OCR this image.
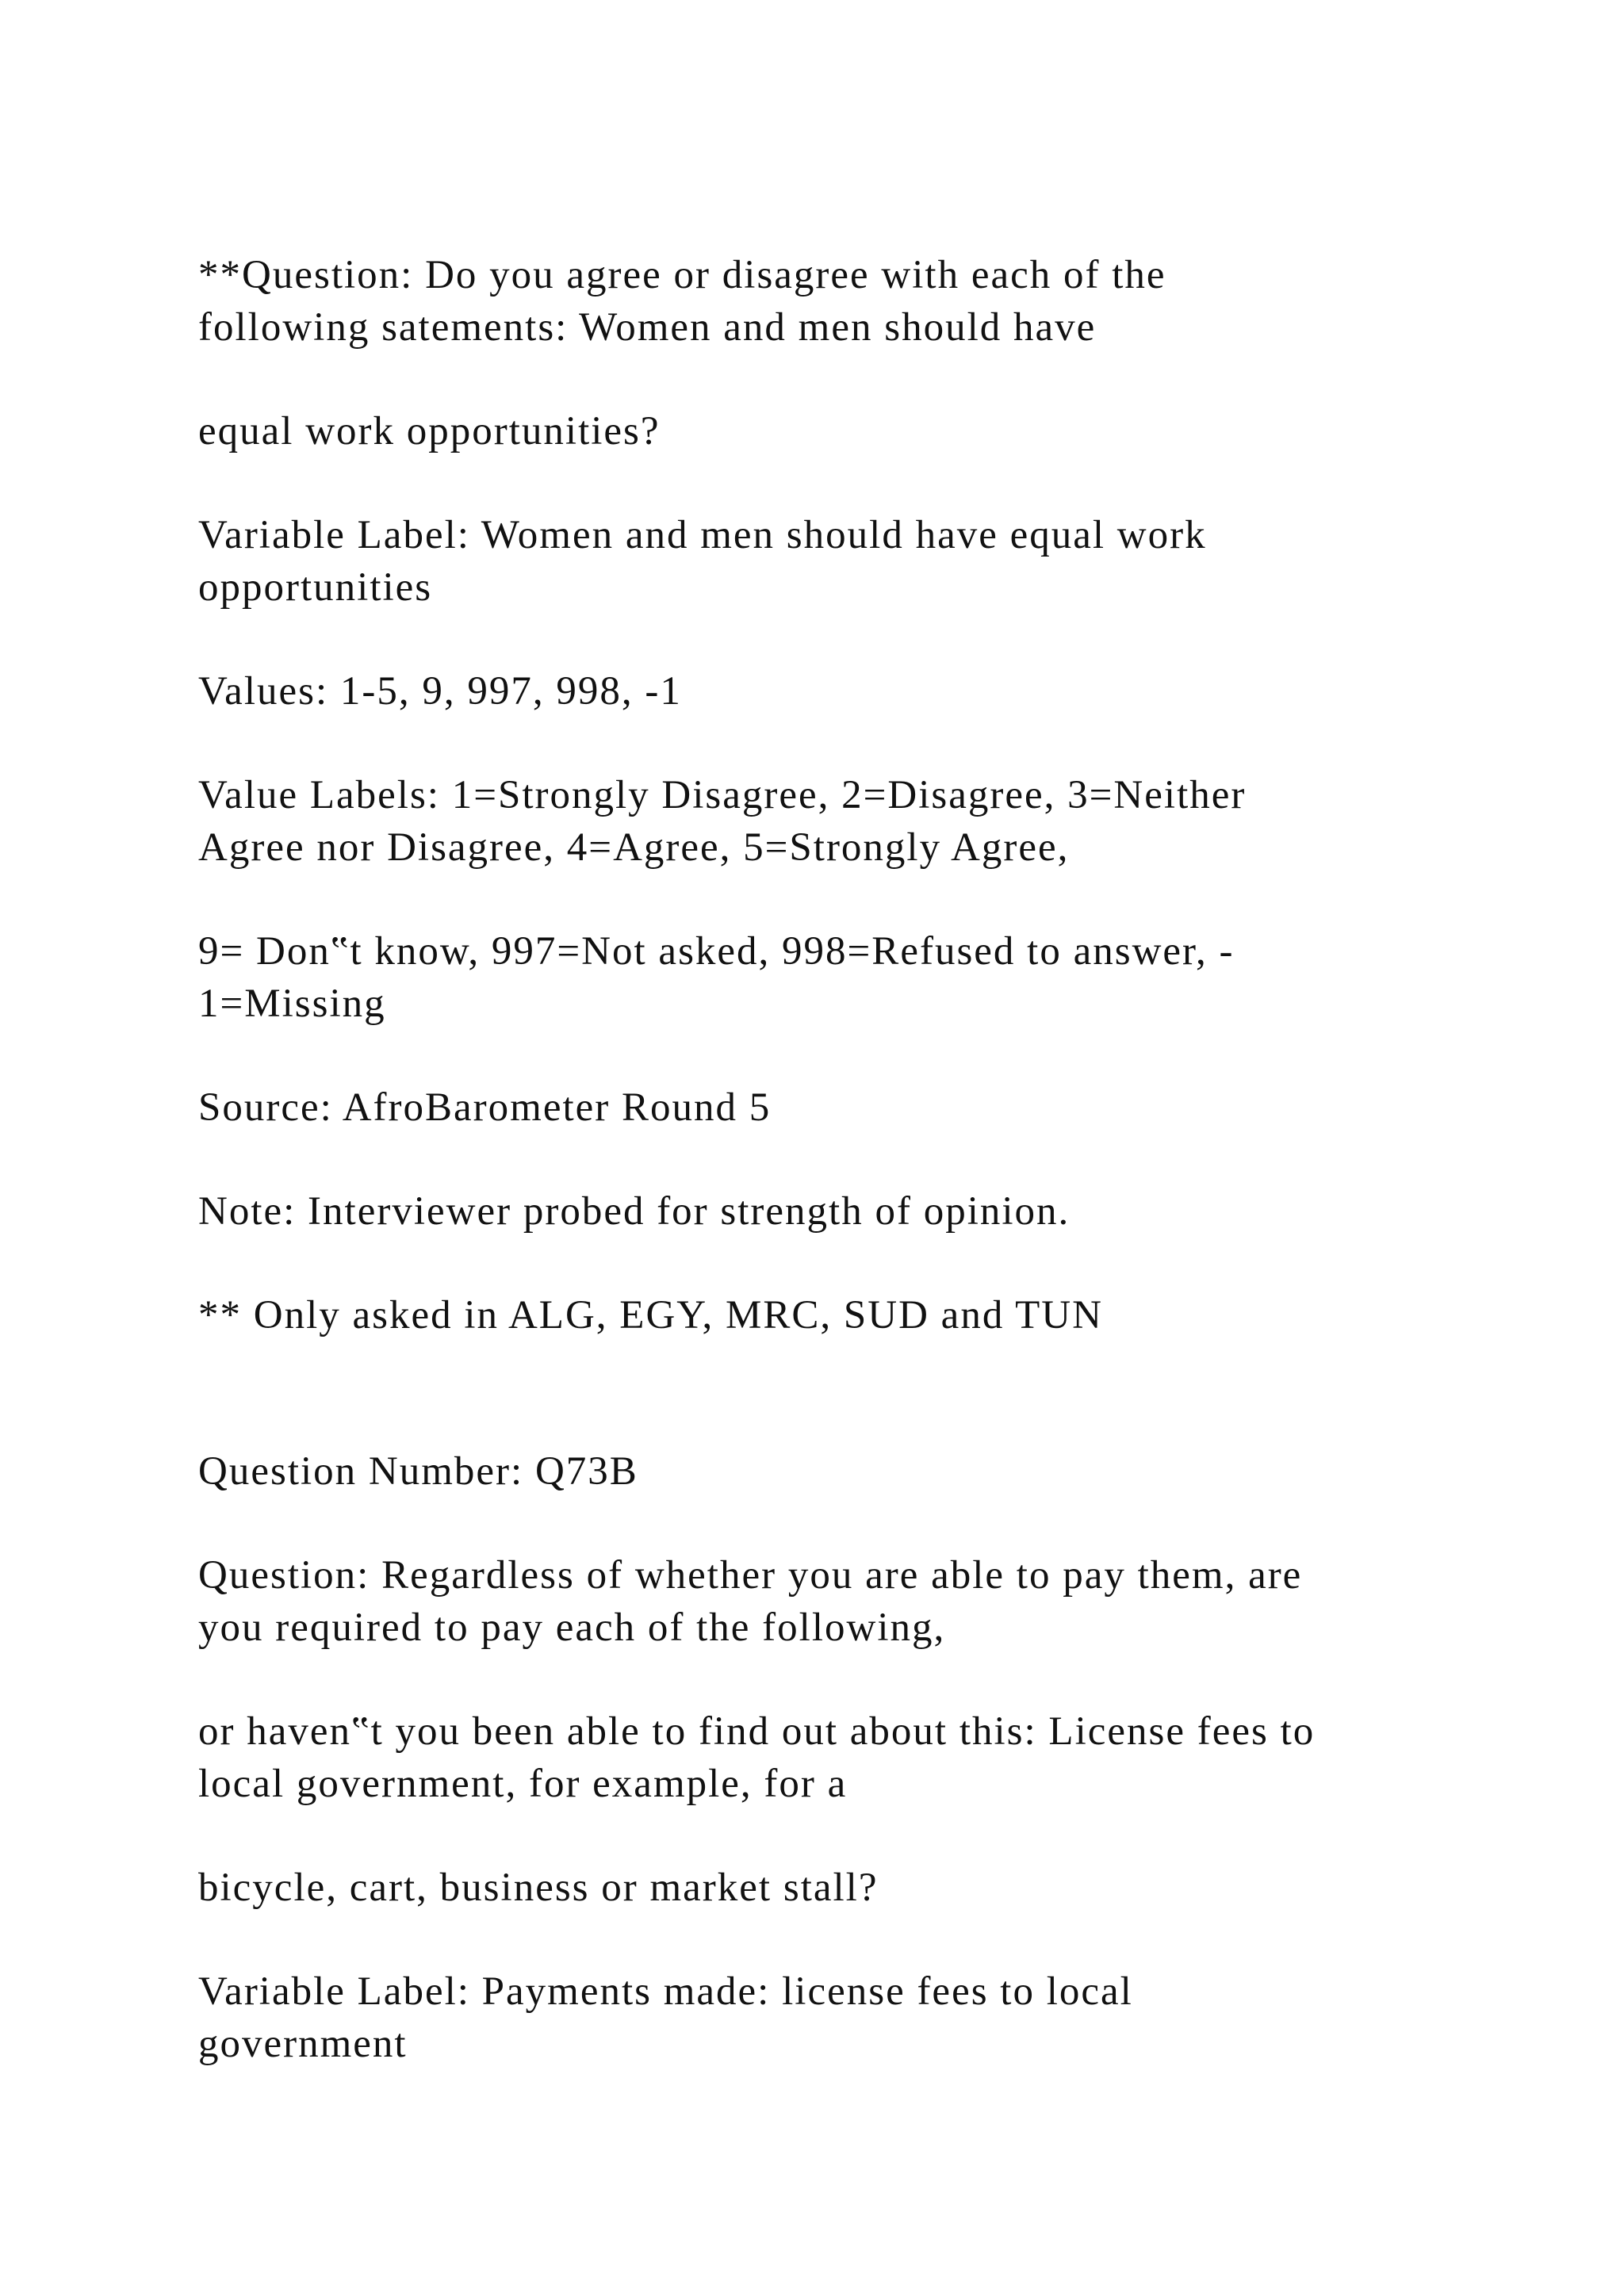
**Question: Do you agree or disagree with each of the

following satements: Women and men should have

equal work opportunities?

Variable Label: Women and men should have equal work

opportunities

Values: 1-5, 9, 997, 998, -1

Value Labels: 1=Strongly Disagree, 2=Disagree, 3=Neither

Agree nor Disagree, 4=Agree, 5=Strongly Agree,

9= Don‟t know, 997=Not asked, 998=Refused to answer, -

1=Missing

Source: AfroBarometer Round 5

Note: Interviewer probed for strength of opinion.

** Only asked in ALG, EGY, MRC, SUD and TUN

Question Number: Q73B

Question: Regardless of whether you are able to pay them, are

you required to pay each of the following,

or haven‟t you been able to find out about this: License fees to

local government, for example, for a

bicycle, cart, business or market stall?

Variable Label: Payments made: license fees to local

government
